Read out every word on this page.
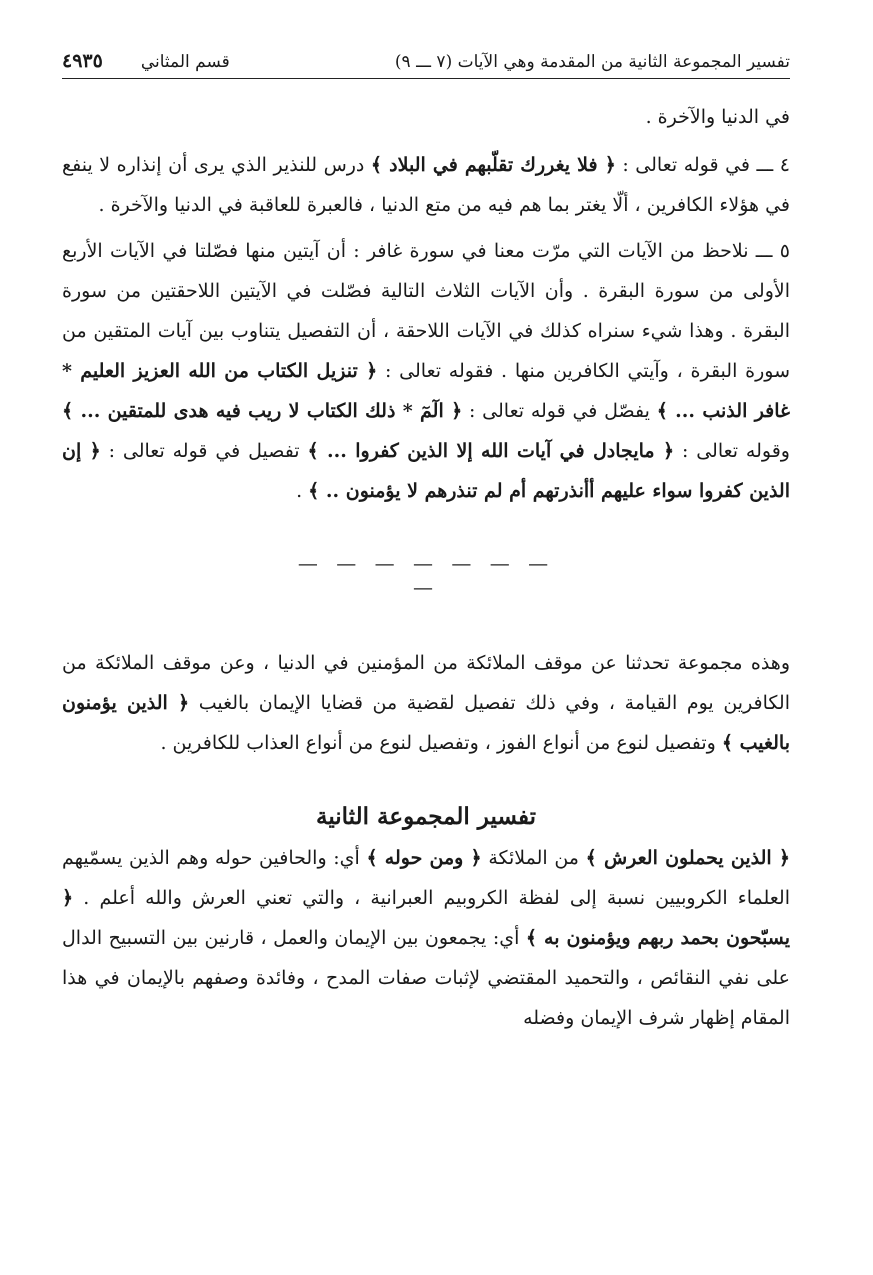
تفسير المجموعة الثانية من المقدمة وهي الآيات (٧ ـــ ٩)
قسم المثاني
٤٩٣٥

في الدنيا والآخرة .

٤ ـــ في قوله تعالى : ﴿ فلا يغررك تقلّبهم في البلاد ﴾ درس للنذير الذي يرى أن إنذاره لا ينفع في هؤلاء الكافرين ، ألّا يغتر بما هم فيه من متع الدنيا ، فالعبرة للعاقبة في الدنيا والآخرة .

٥ ـــ نلاحظ من الآيات التي مرّت معنا في سورة غافر : أن آيتين منها فصّلتا في الآيات الأربع الأولى من سورة البقرة . وأن الآيات الثلاث التالية فصّلت في الآيتين اللاحقتين من سورة البقرة . وهذا شيء سنراه كذلك في الآيات اللاحقة ، أن التفصيل يتناوب بين آيات المتقين من سورة البقرة ، وآيتي الكافرين منها . فقوله تعالى : ﴿ تنزيل الكتاب من الله العزيز العليم * غافر الذنب ... ﴾ يفصّل في قوله تعالى : ﴿ الٓمٓ * ذلك الكتاب لا ريب فيه هدى للمتقين ... ﴾ وقوله تعالى : ﴿ مايجادل في آيات الله إلا الذين كفروا ... ﴾ تفصيل في قوله تعالى : ﴿ إن الذين كفروا سواء عليهم أأنذرتهم أم لم تنذرهم لا يؤمنون .. ﴾ .

— — — — — — — —

وهذه مجموعة تحدثنا عن موقف الملائكة من المؤمنين في الدنيا ، وعن موقف الملائكة من الكافرين يوم القيامة ، وفي ذلك تفصيل لقضية من قضايا الإيمان بالغيب ﴿ الذين يؤمنون بالغيب ﴾ وتفصيل لنوع من أنواع الفوز ، وتفصيل لنوع من أنواع العذاب للكافرين .

تفسير المجموعة الثانية

﴿ الذين يحملون العرش ﴾ من الملائكة ﴿ ومن حوله ﴾ أي: والحافين حوله وهم الذين يسمّيهم العلماء الكروبيين نسبة إلى لفظة الكروبيم العبرانية ، والتي تعني العرش والله أعلم . ﴿ يسبّحون بحمد ربهم ويؤمنون به ﴾ أي: يجمعون بين الإيمان والعمل ، قارنين بين التسبيح الدال على نفي النقائص ، والتحميد المقتضي لإثبات صفات المدح ، وفائدة وصفهم بالإيمان في هذا المقام إظهار شرف الإيمان وفضله
